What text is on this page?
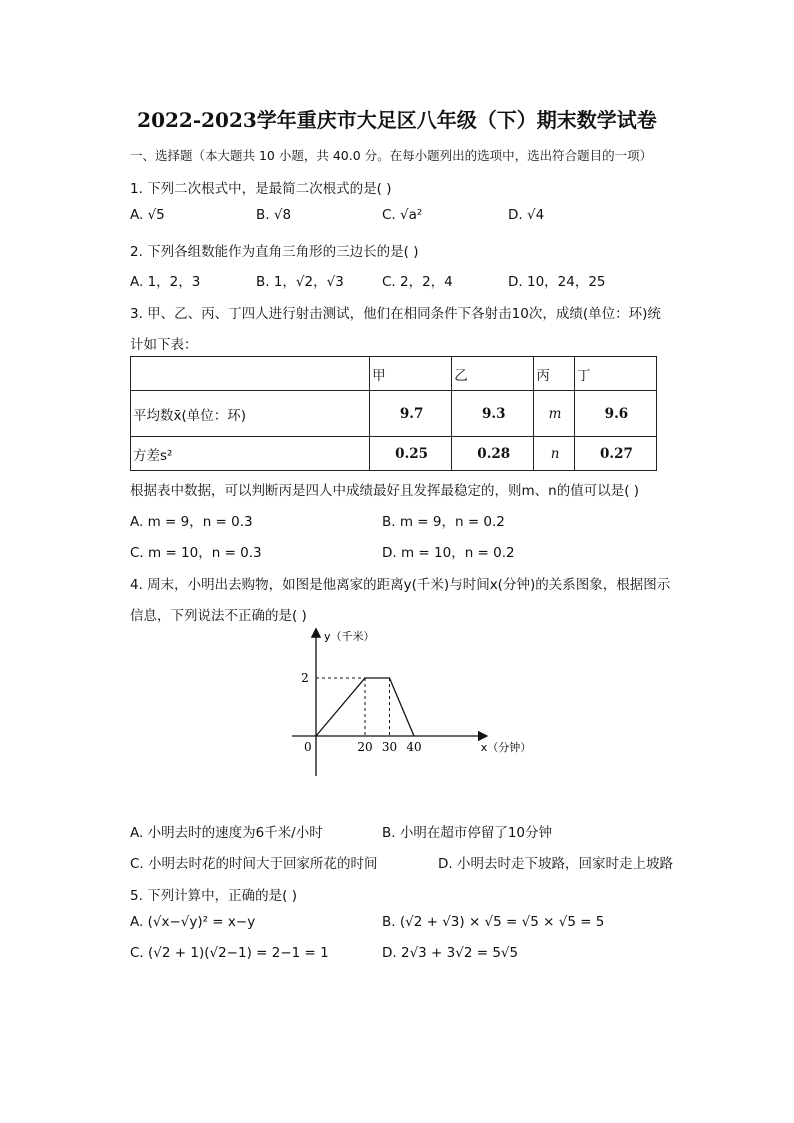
2022-2023学年重庆市大足区八年级（下）期末数学试卷
一、选择题（本大题共 10 小题，共 40.0 分。在每小题列出的选项中，选出符合题目的一项）
1. 下列二次根式中，是最简二次根式的是( )
A. √5	B. √8	C. √a²	D. √4
2. 下列各组数能作为直角三角形的三边长的是( )
A. 1，2，3	B. 1，√2，√3	C. 2，2，4	D. 10，24，25
3. 甲、乙、丙、丁四人进行射击测试，他们在相同条件下各射击10次，成绩(单位：环)统
计如下表：
	甲	乙	丙	丁
平均数x̄(单位：环)	9.7	9.3	m	9.6
方差s²	0.25	0.28	n	0.27
根据表中数据，可以判断丙是四人中成绩最好且发挥最稳定的，则m、n的值可以是( )
A. m = 9，n = 0.3	B. m = 9，n = 0.2
C. m = 10，n = 0.3	D. m = 10，n = 0.2
4. 周末，小明出去购物，如图是他离家的距离y(千米)与时间x(分钟)的关系图象，根据图示
信息，下列说法不正确的是( )
y（千米）
x（分钟）
0	20 30 40
2
A. 小明去时的速度为6千米/小时	B. 小明在超市停留了10分钟
C. 小明去时花的时间大于回家所花的时间	D. 小明去时走下坡路，回家时走上坡路
5. 下列计算中，正确的是( )
A. (√x−√y)² = x−y	B. (√2 + √3) × √5 = √5 × √5 = 5
C. (√2 + 1)(√2−1) = 2−1 = 1	D. 2√3 + 3√2 = 5√5
